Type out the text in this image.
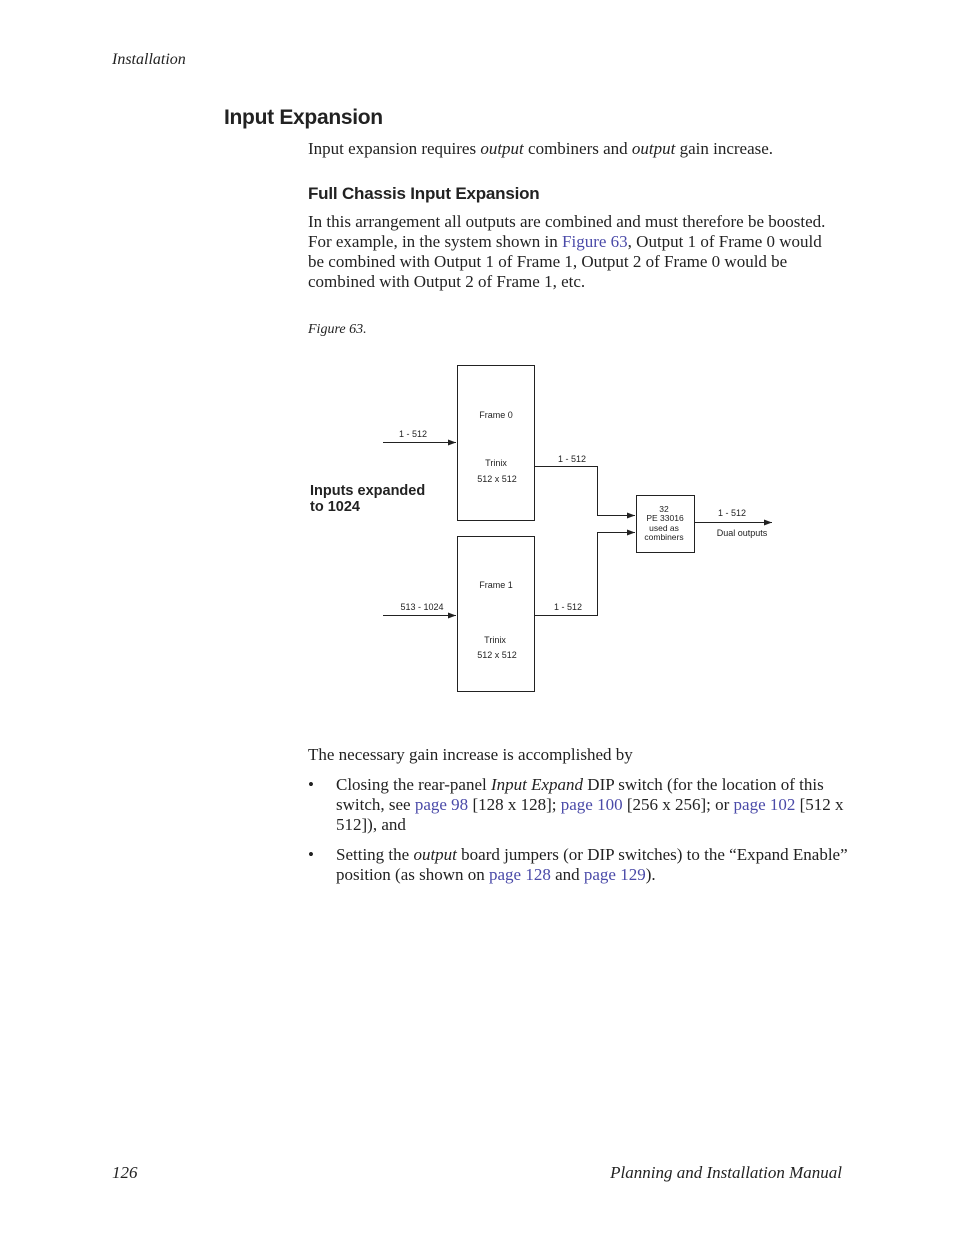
Installation
Input Expansion
Input expansion requires output combiners and output gain increase.
Full Chassis Input Expansion
In this arrangement all outputs are combined and must therefore be boosted. For example, in the system shown in Figure 63, Output 1 of Frame 0 would be combined with Output 1 of Frame 1, Output 2 of Frame 0 would be combined with Output 2 of Frame 1, etc.
Figure 63.
Frame 0
Trinix
512 x 512
Frame 1
Trinix
512 x 512
1 - 512
513 - 1024
Inputs expanded
to 1024
1 - 512
1 - 512
32
PE 33016
used as
combiners
1 - 512
Dual outputs
The necessary gain increase is accomplished by
• Closing the rear-panel Input Expand DIP switch (for the location of this switch, see page 98 [128 x 128]; page 100 [256 x 256]; or page 102 [512 x 512]), and
• Setting the output board jumpers (or DIP switches) to the “Expand Enable” position (as shown on page 128 and page 129).
126	Planning and Installation Manual
